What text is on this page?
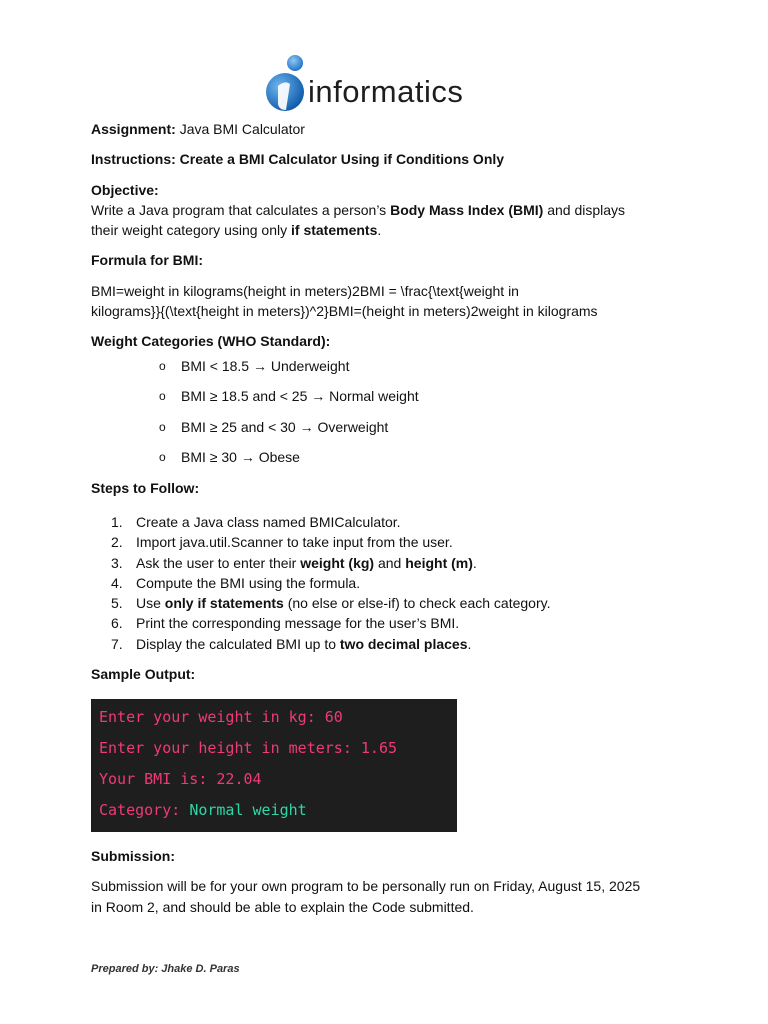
informatics

Assignment: Java BMI Calculator

Instructions: Create a BMI Calculator Using if Conditions Only

Objective:

Write a Java program that calculates a person’s Body Mass Index (BMI) and displays

their weight category using only if statements.

Formula for BMI:

BMI=weight in kilograms(height in meters)2BMI = \frac{\text{weight in

kilograms}}{(\text{height in meters})^2}BMI=(height in meters)2weight in kilograms

Weight Categories (WHO Standard):

o BMI < 18.5 → Underweight
o BMI ≥ 18.5 and < 25 → Normal weight
o BMI ≥ 25 and < 30 → Overweight
o BMI ≥ 30 → Obese

Steps to Follow:

1. Create a Java class named BMICalculator.
2. Import java.util.Scanner to take input from the user.
3. Ask the user to enter their weight (kg) and height (m).
4. Compute the BMI using the formula.
5. Use only if statements (no else or else-if) to check each category.
6. Print the corresponding message for the user’s BMI.
7. Display the calculated BMI up to two decimal places.

Sample Output:

Enter your weight in kg: 60
Enter your height in meters: 1.65
Your BMI is: 22.04
Category: Normal weight

Submission:

Submission will be for your own program to be personally run on Friday, August 15, 2025

in Room 2, and should be able to explain the Code submitted.

Prepared by: Jhake D. Paras
